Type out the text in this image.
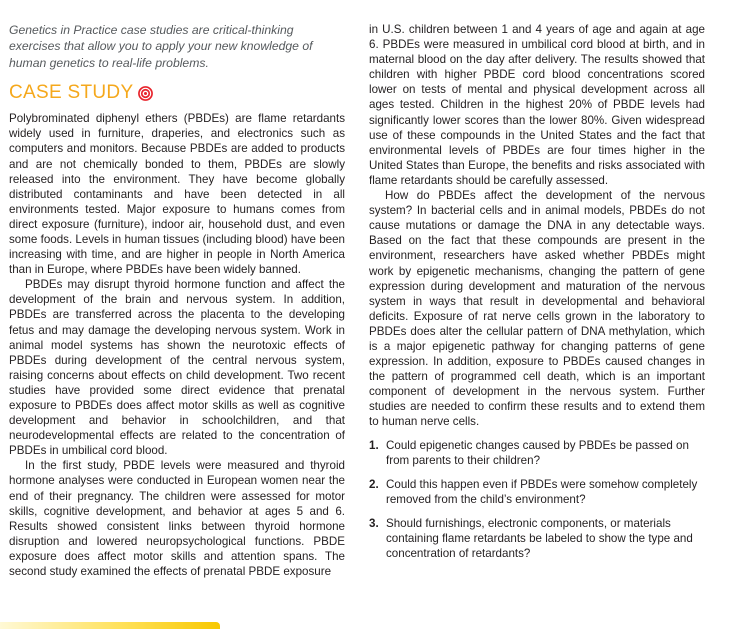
Genetics in Practice case studies are critical-thinking exercises that allow you to apply your new knowledge of human genetics to real-life problems.

CASE STUDY

Polybrominated diphenyl ethers (PBDEs) are flame retardants widely used in furniture, draperies, and electronics such as computers and monitors. Because PBDEs are added to products and are not chemically bonded to them, PBDEs are slowly released into the environment. They have become globally distributed contaminants and have been detected in all environments tested. Major exposure to humans comes from direct exposure (furniture), indoor air, household dust, and even some foods. Levels in human tissues (including blood) have been increasing with time, and are higher in people in North America than in Europe, where PBDEs have been widely banned.

PBDEs may disrupt thyroid hormone function and affect the development of the brain and nervous system. In addition, PBDEs are transferred across the placenta to the developing fetus and may damage the developing nervous system. Work in animal model systems has shown the neurotoxic effects of PBDEs during development of the central nervous system, raising concerns about effects on child development. Two recent studies have provided some direct evidence that prenatal exposure to PBDEs does affect motor skills as well as cognitive development and behavior in schoolchildren, and that neurodevelopmental effects are related to the concentration of PBDEs in umbilical cord blood.

In the first study, PBDE levels were measured and thyroid hormone analyses were conducted in European women near the end of their pregnancy. The children were assessed for motor skills, cognitive development, and behavior at ages 5 and 6. Results showed consistent links between thyroid hormone disruption and lowered neuropsychological functions. PBDE exposure does affect motor skills and attention spans. The second study examined the effects of prenatal PBDE exposure

in U.S. children between 1 and 4 years of age and again at age 6. PBDEs were measured in umbilical cord blood at birth, and in maternal blood on the day after delivery. The results showed that children with higher PBDE cord blood concentrations scored lower on tests of mental and physical development across all ages tested. Children in the highest 20% of PBDE levels had significantly lower scores than the lower 80%. Given widespread use of these compounds in the United States and the fact that environmental levels of PBDEs are four times higher in the United States than Europe, the benefits and risks associated with flame retardants should be carefully assessed.

How do PBDEs affect the development of the nervous system? In bacterial cells and in animal models, PBDEs do not cause mutations or damage the DNA in any detectable ways. Based on the fact that these compounds are present in the environment, researchers have asked whether PBDEs might work by epigenetic mechanisms, changing the pattern of gene expression during development and maturation of the nervous system in ways that result in developmental and behavioral deficits. Exposure of rat nerve cells grown in the laboratory to PBDEs does alter the cellular pattern of DNA methylation, which is a major epigenetic pathway for changing patterns of gene expression. In addition, exposure to PBDEs caused changes in the pattern of programmed cell death, which is an important component of development in the nervous system. Further studies are needed to confirm these results and to extend them to human nerve cells.

1. Could epigenetic changes caused by PBDEs be passed on from parents to their children?
2. Could this happen even if PBDEs were somehow completely removed from the child’s environment?
3. Should furnishings, electronic components, or materials containing flame retardants be labeled to show the type and concentration of retardants?
